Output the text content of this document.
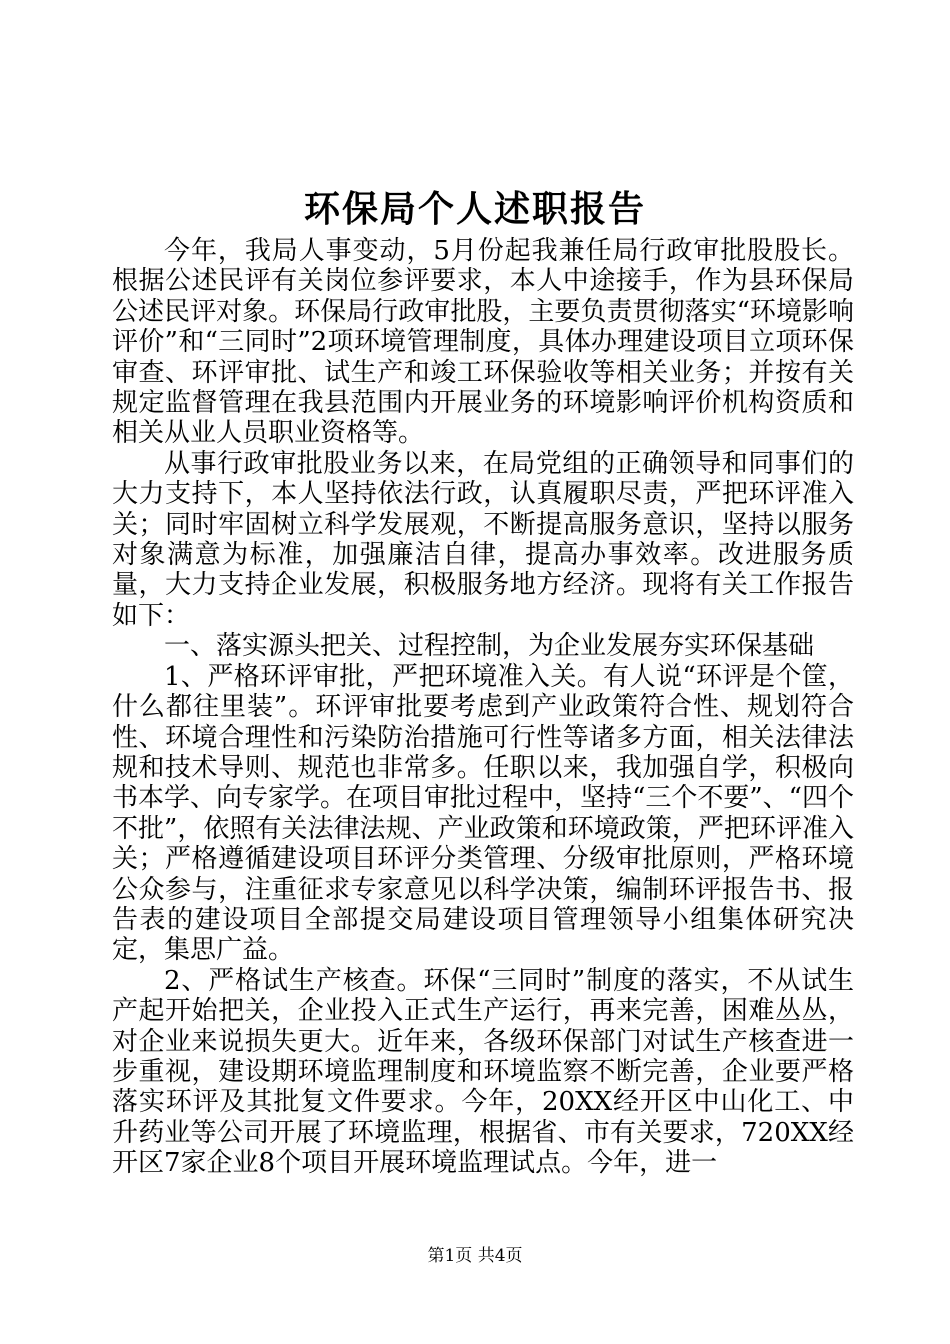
环保局个人述职报告

今年，我局人事变动，5月份起我兼任局行政审批股股长。根据公述民评有关岗位参评要求，本人中途接手，作为县环保局公述民评对象。环保局行政审批股，主要负责贯彻落实“环境影响评价”和“三同时”2项环境管理制度，具体办理建设项目立项环保审查、环评审批、试生产和竣工环保验收等相关业务；并按有关规定监督管理在我县范围内开展业务的环境影响评价机构资质和相关从业人员职业资格等。

从事行政审批股业务以来，在局党组的正确领导和同事们的大力支持下，本人坚持依法行政，认真履职尽责，严把环评准入关；同时牢固树立科学发展观，不断提高服务意识，坚持以服务对象满意为标准，加强廉洁自律，提高办事效率。改进服务质量，大力支持企业发展，积极服务地方经济。现将有关工作报告如下：

一、落实源头把关、过程控制，为企业发展夯实环保基础

1、严格环评审批，严把环境准入关。有人说“环评是个筐，什么都往里装”。环评审批要考虑到产业政策符合性、规划符合性、环境合理性和污染防治措施可行性等诸多方面，相关法律法规和技术导则、规范也非常多。任职以来，我加强自学，积极向书本学、向专家学。在项目审批过程中，坚持“三个不要”、“四个不批”，依照有关法律法规、产业政策和环境政策，严把环评准入关；严格遵循建设项目环评分类管理、分级审批原则，严格环境公众参与，注重征求专家意见以科学决策，编制环评报告书、报告表的建设项目全部提交局建设项目管理领导小组集体研究决定，集思广益。

2、严格试生产核查。环保“三同时”制度的落实，不从试生产起开始把关，企业投入正式生产运行，再来完善，困难丛丛，对企业来说损失更大。近年来，各级环保部门对试生产核查进一步重视，建设期环境监理制度和环境监察不断完善，企业要严格落实环评及其批复文件要求。今年，20XX经开区中山化工、中升药业等公司开展了环境监理，根据省、市有关要求，720XX经开区7家企业8个项目开展环境监理试点。今年，进一

第1页 共4页
